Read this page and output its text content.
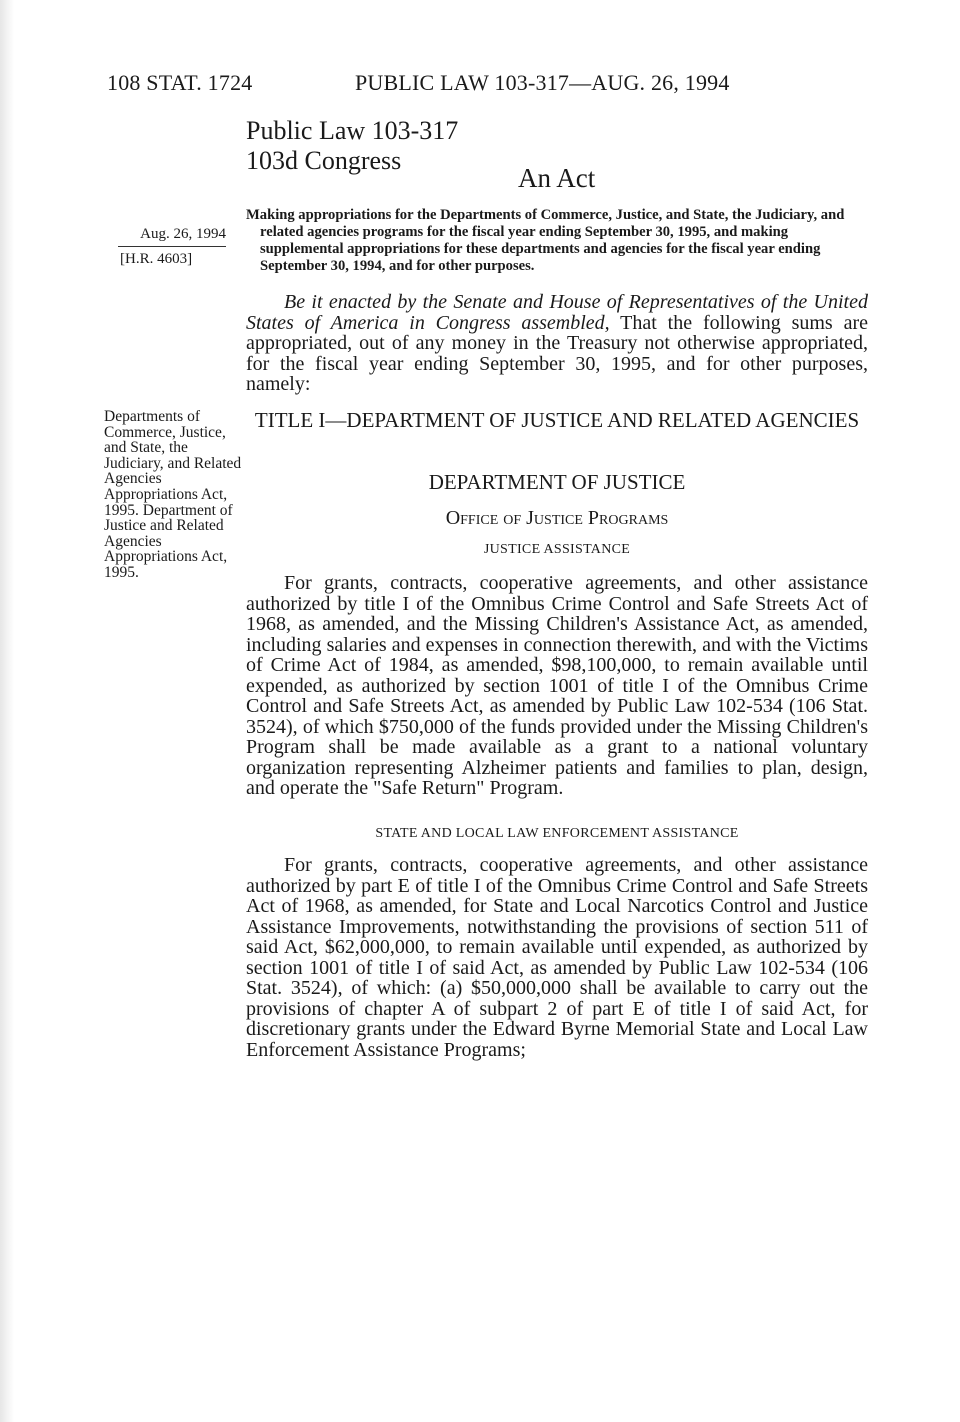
108 STAT. 1724	PUBLIC LAW 103-317—AUG. 26, 1994
Public Law 103-317
103d Congress
An Act
Aug. 26, 1994
[H.R. 4603]

Making appropriations for the Departments of Commerce, Justice, and State, the Judiciary, and related agencies programs for the fiscal year ending September 30, 1995, and making supplemental appropriations for these departments and agencies for the fiscal year ending September 30, 1994, and for other purposes.

Be it enacted by the Senate and House of Representatives of the United States of America in Congress assembled, That the following sums are appropriated, out of any money in the Treasury not otherwise appropriated, for the fiscal year ending September 30, 1995, and for other purposes, namely:

Departments of Commerce, Justice, and State, the Judiciary, and Related Agencies Appropriations Act, 1995. Department of Justice and Related Agencies Appropriations Act, 1995.
TITLE I—DEPARTMENT OF JUSTICE AND RELATED AGENCIES
DEPARTMENT OF JUSTICE
Office of Justice Programs
JUSTICE ASSISTANCE

For grants, contracts, cooperative agreements, and other assistance authorized by title I of the Omnibus Crime Control and Safe Streets Act of 1968, as amended, and the Missing Children's Assistance Act, as amended, including salaries and expenses in connection therewith, and with the Victims of Crime Act of 1984, as amended, $98,100,000, to remain available until expended, as authorized by section 1001 of title I of the Omnibus Crime Control and Safe Streets Act, as amended by Public Law 102-534 (106 Stat. 3524), of which $750,000 of the funds provided under the Missing Children's Program shall be made available as a grant to a national voluntary organization representing Alzheimer patients and families to plan, design, and operate the "Safe Return" Program.

STATE AND LOCAL LAW ENFORCEMENT ASSISTANCE

For grants, contracts, cooperative agreements, and other assistance authorized by part E of title I of the Omnibus Crime Control and Safe Streets Act of 1968, as amended, for State and Local Narcotics Control and Justice Assistance Improvements, notwithstanding the provisions of section 511 of said Act, $62,000,000, to remain available until expended, as authorized by section 1001 of title I of said Act, as amended by Public Law 102-534 (106 Stat. 3524), of which: (a) $50,000,000 shall be available to carry out the provisions of chapter A of subpart 2 of part E of title I of said Act, for discretionary grants under the Edward Byrne Memorial State and Local Law Enforcement Assistance Programs;
